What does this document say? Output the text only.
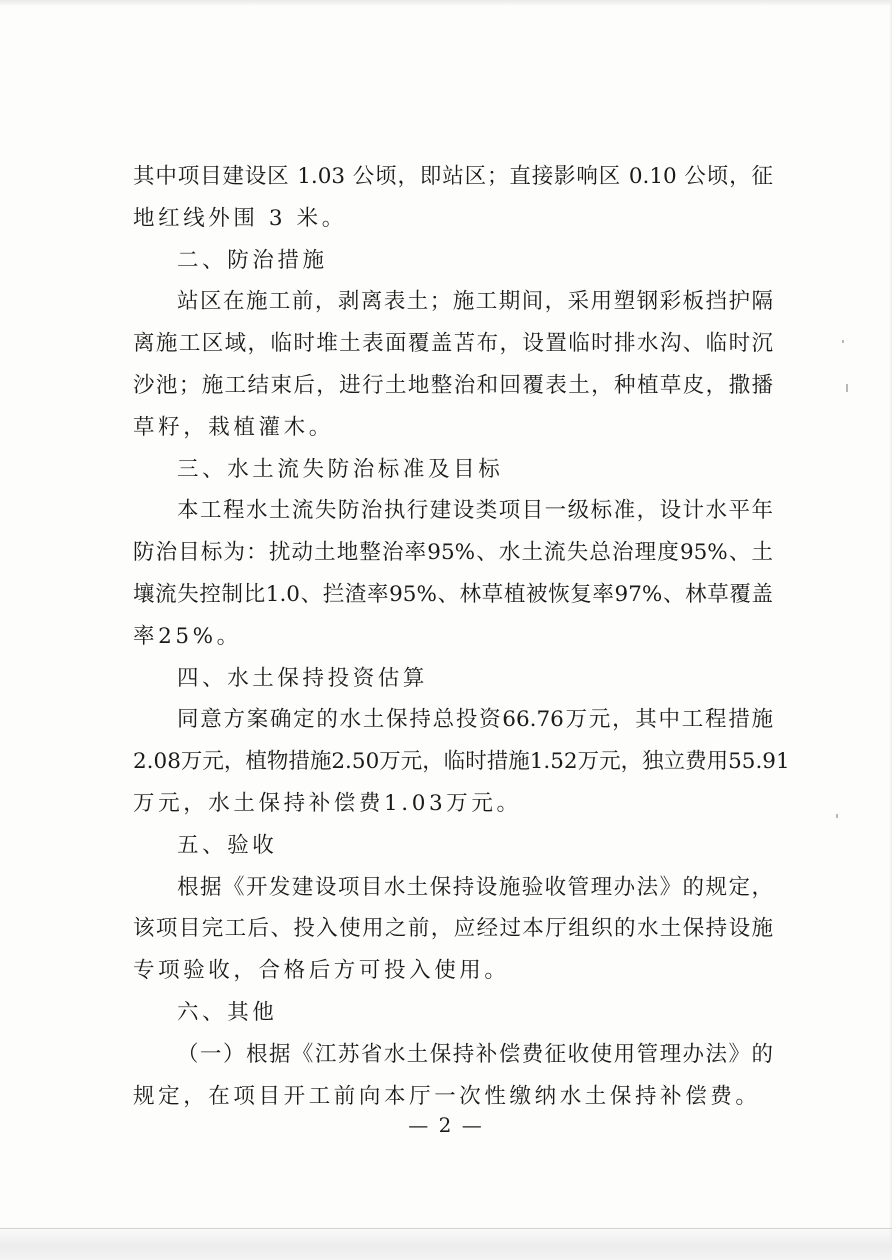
其中项目建设区 1.03 公顷，即站区；直接影响区 0.10 公顷，征
地红线外围 3 米。
二、防治措施
站区在施工前，剥离表土；施工期间，采用塑钢彩板挡护隔
离施工区域，临时堆土表面覆盖苫布，设置临时排水沟、临时沉
沙池；施工结束后，进行土地整治和回覆表土，种植草皮，撒播
草籽，栽植灌木。
三、水土流失防治标准及目标
本工程水土流失防治执行建设类项目一级标准，设计水平年
防治目标为：扰动土地整治率95%、水土流失总治理度95%、土
壤流失控制比1.0、拦渣率95%、林草植被恢复率97%、林草覆盖
率25%。
四、水土保持投资估算
同意方案确定的水土保持总投资66.76万元，其中工程措施
2.08万元，植物措施2.50万元，临时措施1.52万元，独立费用55.91
万元，水土保持补偿费1.03万元。
五、验收
根据《开发建设项目水土保持设施验收管理办法》的规定，
该项目完工后、投入使用之前，应经过本厅组织的水土保持设施
专项验收，合格后方可投入使用。
六、其他
（一）根据《江苏省水土保持补偿费征收使用管理办法》的
规定，在项目开工前向本厅一次性缴纳水土保持补偿费。
— 2 —
